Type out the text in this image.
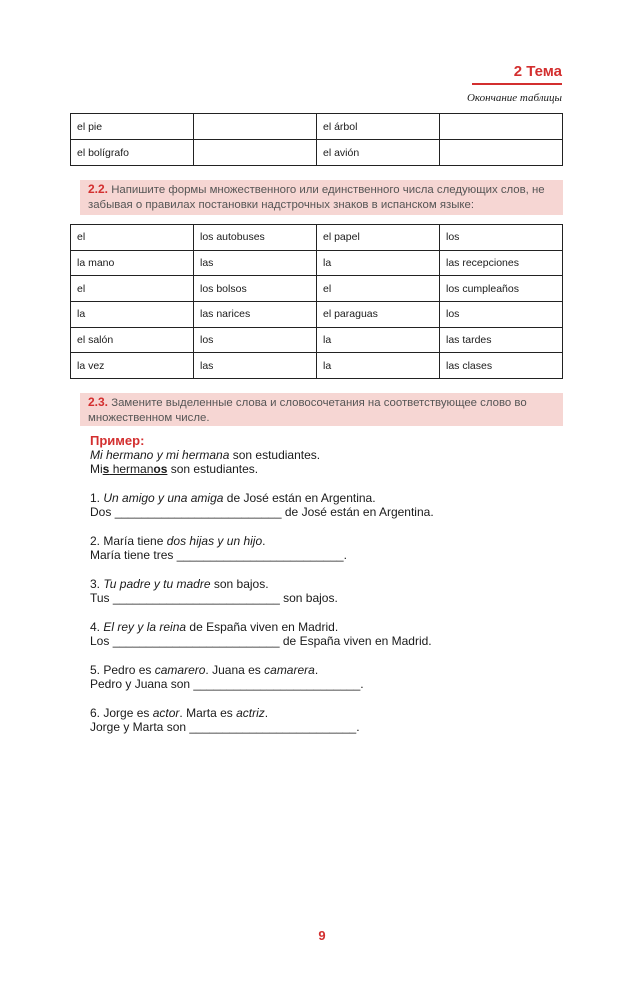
2 Тема
Окончание таблицы
el pie		el árbol	
el bolígrafo		el avión	
2.2. Напишите формы множественного или единственного числа следующих слов, не забывая о правилах постановки надстрочных знаков в испанском языке:
el	los autobuses	el papel	los
la mano	las	la	las recepciones
el	los bolsos	el	los cumpleaños
la	las narices	el paraguas	los
el salón	los	la	las tardes
la vez	las	la	las clases
2.3. Замените выделенные слова и словосочетания на соответствующее слово во множественном числе.
Пример:
Mi hermano y mi hermana son estudiantes.
Mis hermanos son estudiantes.
1. Un amigo y una amiga de José están en Argentina.
Dos _________________________ de José están en Argentina.
2. María tiene dos hijas y un hijo.
María tiene tres _________________________.
3. Tu padre y tu madre son bajos.
Tus _________________________ son bajos.
4. El rey y la reina de España viven en Madrid.
Los _________________________ de España viven en Madrid.
5. Pedro es camarero. Juana es camarera.
Pedro y Juana son _________________________.
6. Jorge es actor. Marta es actriz.
Jorge y Marta son _________________________.
9
